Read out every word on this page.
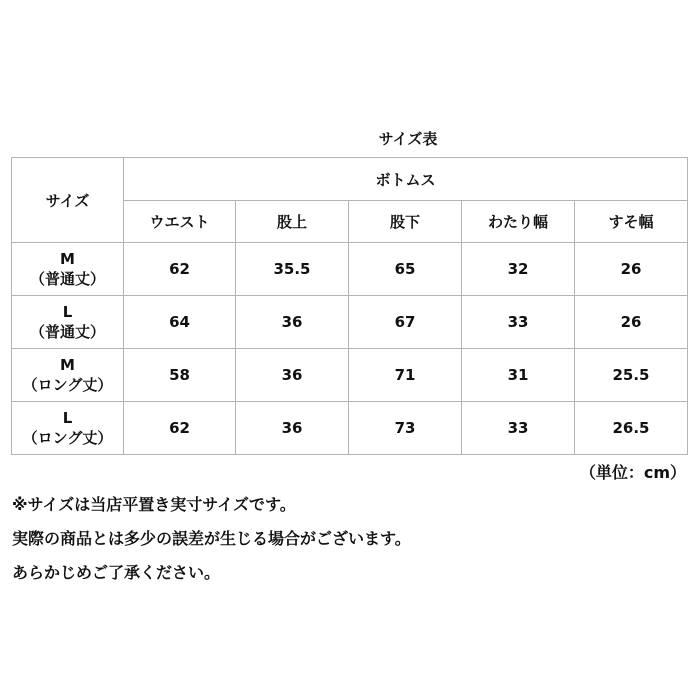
サイズ表
サイズ	ボトムス				
	ウエスト	股上	股下	わたり幅	すそ幅

M
（普通丈）	62	35.5	65	32	26

L
（普通丈）	64	36	67	33	26

M
（ロング丈）	58	36	71	31	25.5

L
（ロング丈）	62	36	73	33	26.5
（単位：cm）
※サイズは当店平置き実寸サイズです。
実際の商品とは多少の誤差が生じる場合がございます。
あらかじめご了承ください。
